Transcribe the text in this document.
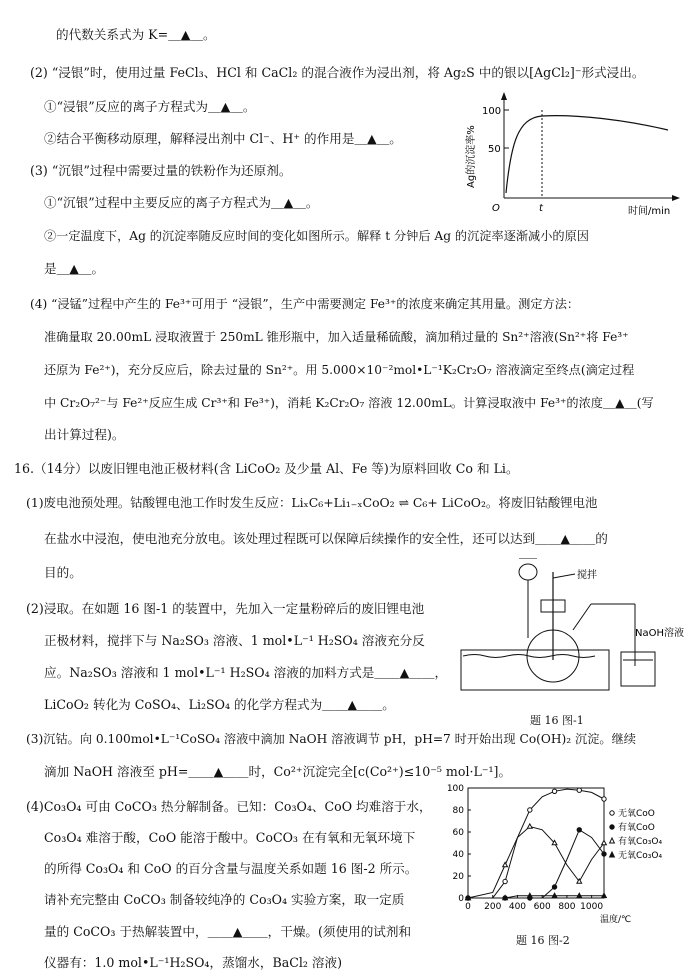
的代数关系式为 K=＿▲＿。
(2) “浸银”时，使用过量 FeCl₃、HCl 和 CaCl₂ 的混合液作为浸出剂，将 Ag₂S 中的银以[AgCl₂]⁻形式浸出。
①“浸银”反应的离子方程式为＿▲＿。
②结合平衡移动原理，解释浸出剂中 Cl⁻、H⁺ 的作用是＿▲＿。
(3) “沉银”过程中需要过量的铁粉作为还原剂。
①“沉银”过程中主要反应的离子方程式为＿▲＿。
②一定温度下，Ag 的沉淀率随反应时间的变化如图所示。解释 t 分钟后 Ag 的沉淀率逐渐减小的原因
是＿▲＿。
(4) “浸锰”过程中产生的 Fe³⁺可用于 “浸银”，生产中需要测定 Fe³⁺的浓度来确定其用量。测定方法：
准确量取 20.00mL 浸取液置于 250mL 锥形瓶中，加入适量稀硫酸，滴加稍过量的 Sn²⁺溶液(Sn²⁺将 Fe³⁺
还原为 Fe²⁺)，充分反应后，除去过量的 Sn²⁺。用 5.000×10⁻²mol•L⁻¹K₂Cr₂O₇ 溶液滴定至终点(滴定过程
中 Cr₂O₇²⁻与 Fe²⁺反应生成 Cr³⁺和 Fe³⁺)，消耗 K₂Cr₂O₇ 溶液 12.00mL。计算浸取液中 Fe³⁺的浓度＿▲＿(写
出计算过程)。
16.（14分）以废旧锂电池正极材料(含 LiCoO₂ 及少量 Al、Fe 等)为原料回收 Co 和 Li。
(1)废电池预处理。钴酸锂电池工作时发生反应：LiₓC₆+Li₁₋ₓCoO₂ ⇌ C₆+ LiCoO₂。将废旧钴酸锂电池
在盐水中浸泡，使电池充分放电。该处理过程既可以保障后续操作的安全性，还可以达到＿＿▲＿＿的
目的。
(2)浸取。在如题 16 图-1 的装置中，先加入一定量粉碎后的废旧锂电池
正极材料，搅拌下与 Na₂SO₃ 溶液、1 mol•L⁻¹ H₂SO₄ 溶液充分反
应。Na₂SO₃ 溶液和 1 mol•L⁻¹ H₂SO₄ 溶液的加料方式是＿＿▲＿＿，
LiCoO₂ 转化为 CoSO₄、Li₂SO₄ 的化学方程式为＿＿▲＿＿。
(3)沉钴。向 0.100mol•L⁻¹CoSO₄ 溶液中滴加 NaOH 溶液调节 pH，pH=7 时开始出现 Co(OH)₂ 沉淀。继续
滴加 NaOH 溶液至 pH=＿＿▲＿＿时，Co²⁺沉淀完全[c(Co²⁺)≤10⁻⁵ mol·L⁻¹]。
(4)Co₃O₄ 可由 CoCO₃ 热分解制备。已知：Co₃O₄、CoO 均难溶于水，
Co₃O₄ 难溶于酸，CoO 能溶于酸中。CoCO₃ 在有氧和无氧环境下
的所得 Co₃O₄ 和 CoO 的百分含量与温度关系如题 16 图-2 所示。
请补充完整由 CoCO₃ 制备较纯净的 Co₃O₄ 实验方案，取一定质
量的 CoCO₃ 于热解装置中，＿＿▲＿＿，干燥。(须使用的试剂和
仪器有：1.0 mol•L⁻¹H₂SO₄，蒸馏水，BaCl₂ 溶液)
100
50
O	t	时间/min
Ag的沉淀率%
搅拌
NaOH溶液
题 16 图-1
0
20
40
60
80
100
0 200 400 600 800 1000
温度/℃
无氧CoO
有氧CoO
有氧Co₃O₄
无氧Co₃O₄
题 16 图-2
